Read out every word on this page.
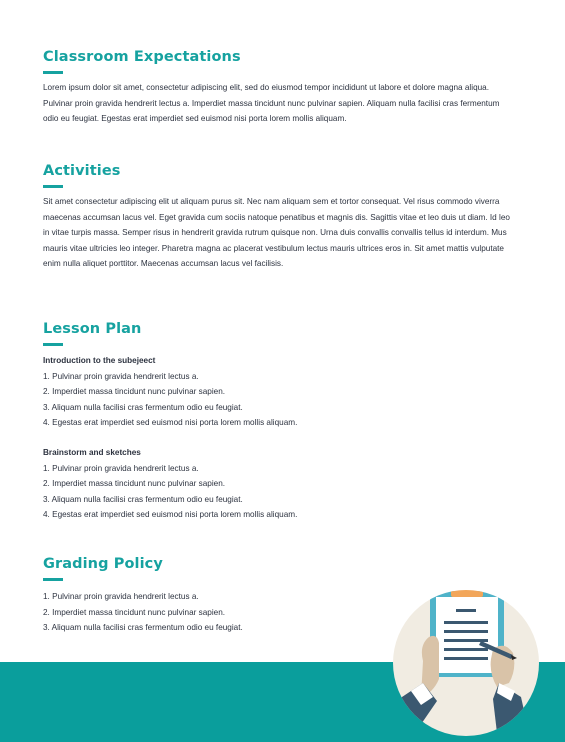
Classroom Expectations

Lorem ipsum dolor sit amet, consectetur adipiscing elit, sed do eiusmod tempor incididunt ut labore et dolore magna aliqua. Pulvinar proin gravida hendrerit lectus a. Imperdiet massa tincidunt nunc pulvinar sapien. Aliquam nulla facilisi cras fermentum odio eu feugiat. Egestas erat imperdiet sed euismod nisi porta lorem mollis aliquam.

Activities

Sit amet consectetur adipiscing elit ut aliquam purus sit. Nec nam aliquam sem et tortor consequat. Vel risus commodo viverra maecenas accumsan lacus vel. Eget gravida cum sociis natoque penatibus et magnis dis. Sagittis vitae et leo duis ut diam. Id leo in vitae turpis massa. Semper risus in hendrerit gravida rutrum quisque non. Urna duis convallis convallis tellus id interdum. Mus mauris vitae ultricies leo integer. Pharetra magna ac placerat vestibulum lectus mauris ultrices eros in. Sit amet mattis vulputate enim nulla aliquet porttitor. Maecenas accumsan lacus vel facilisis.

Lesson Plan

Introduction to the subejeect

1. Pulvinar proin gravida hendrerit lectus a.
2. Imperdiet massa tincidunt nunc pulvinar sapien.
3. Aliquam nulla facilisi cras fermentum odio eu feugiat.
4. Egestas erat imperdiet sed euismod nisi porta lorem mollis aliquam.

Brainstorm and sketches

1. Pulvinar proin gravida hendrerit lectus a.
2. Imperdiet massa tincidunt nunc pulvinar sapien.
3. Aliquam nulla facilisi cras fermentum odio eu feugiat.
4. Egestas erat imperdiet sed euismod nisi porta lorem mollis aliquam.
Grading Policy
1. Pulvinar proin gravida hendrerit lectus a.
2. Imperdiet massa tincidunt nunc pulvinar sapien.
3. Aliquam nulla facilisi cras fermentum odio eu feugiat.
